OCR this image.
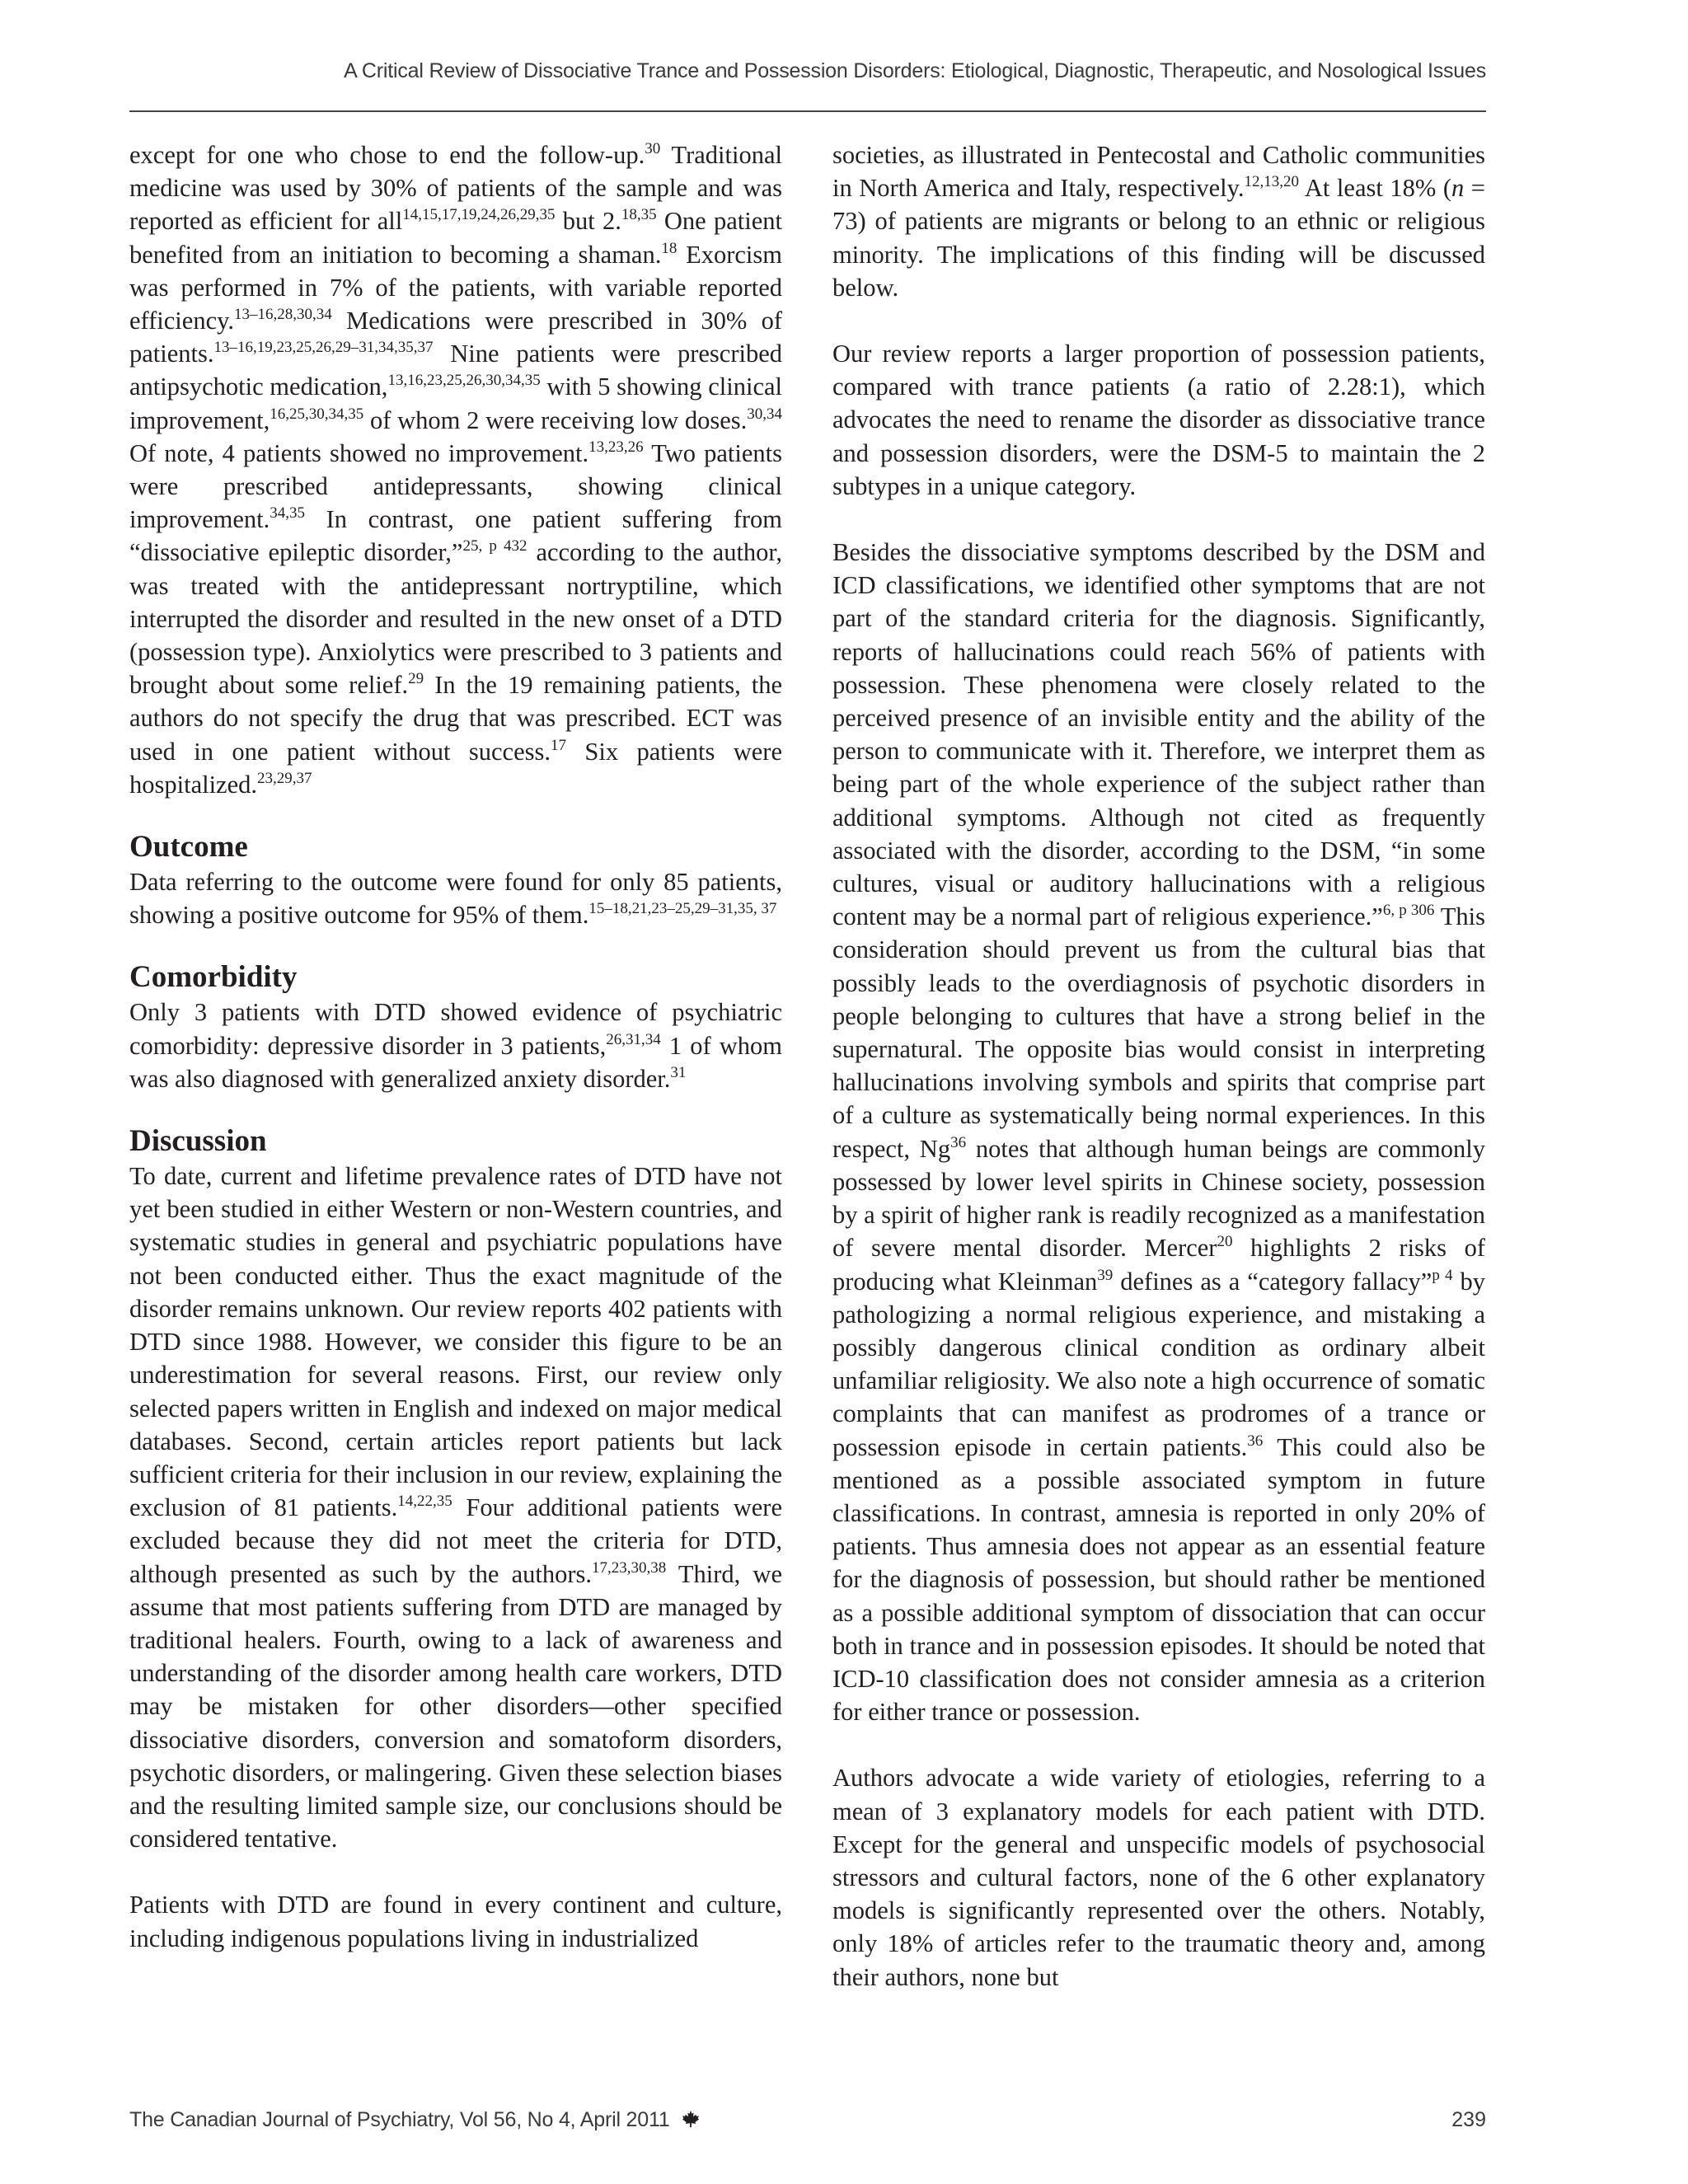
A Critical Review of Dissociative Trance and Possession Disorders: Etiological, Diagnostic, Therapeutic, and Nosological Issues

except for one who chose to end the follow-up.$^{30}$ Traditional medicine was used by 30% of patients of the sample and was reported as efficient for all$^{14,15,17,19,24,26,29,35}$ but 2.$^{18,35}$ One patient benefited from an initiation to becoming a shaman.$^{18}$ Exorcism was performed in 7% of the patients, with variable reported efficiency.$^{13-16,28,30,34}$ Medications were prescribed in 30% of patients.$^{13-16,19,23,25,26,29-31,34,35,37}$ Nine patients were prescribed antipsychotic medication,$^{13,16,23,25,26,30,34,35}$ with 5 showing clinical improvement,$^{16,25,30,34,35}$ of whom 2 were receiving low doses.$^{30,34}$ Of note, 4 patients showed no improvement.$^{13,23,26}$ Two patients were prescribed antidepressants, showing clinical improvement.$^{34,35}$ In contrast, one patient suffering from “dissociative epileptic disorder,”$^{25, p 432}$ according to the author, was treated with the antidepressant nortryptiline, which interrupted the disorder and resulted in the new onset of a DTD (possession type). Anxiolytics were prescribed to 3 patients and brought about some relief.$^{29}$ In the 19 remaining patients, the authors do not specify the drug that was prescribed. ECT was used in one patient without success.$^{17}$ Six patients were hospitalized.$^{23,29,37}$

Outcome

Data referring to the outcome were found for only 85 patients, showing a positive outcome for 95% of them.$^{15-18,21,23-25,29-31,35, 37}$

Comorbidity

Only 3 patients with DTD showed evidence of psychiatric comorbidity: depressive disorder in 3 patients,$^{26,31,34}$ 1 of whom was also diagnosed with generalized anxiety disorder.$^{31}$

Discussion

To date, current and lifetime prevalence rates of DTD have not yet been studied in either Western or non-Western countries, and systematic studies in general and psychiatric populations have not been conducted either. Thus the exact magnitude of the disorder remains unknown. Our review reports 402 patients with DTD since 1988. However, we consider this figure to be an underestimation for several reasons. First, our review only selected papers written in English and indexed on major medical databases. Second, certain articles report patients but lack sufficient criteria for their inclusion in our review, explaining the exclusion of 81 patients.$^{14,22,35}$ Four additional patients were excluded because they did not meet the criteria for DTD, although presented as such by the authors.$^{17,23,30,38}$ Third, we assume that most patients suffering from DTD are managed by traditional healers. Fourth, owing to a lack of awareness and understanding of the disorder among health care workers, DTD may be mistaken for other disorders—other specified dissociative disorders, conversion and somatoform disorders, psychotic disorders, or malingering. Given these selection biases and the resulting limited sample size, our conclusions should be considered tentative.

Patients with DTD are found in every continent and culture, including indigenous populations living in industrialized

societies, as illustrated in Pentecostal and Catholic communities in North America and Italy, respectively.$^{12,13,20}$ At least 18% (n = 73) of patients are migrants or belong to an ethnic or religious minority. The implications of this finding will be discussed below.

Our review reports a larger proportion of possession patients, compared with trance patients (a ratio of 2.28:1), which advocates the need to rename the disorder as dissociative trance and possession disorders, were the DSM-5 to maintain the 2 subtypes in a unique category.

Besides the dissociative symptoms described by the DSM and ICD classifications, we identified other symptoms that are not part of the standard criteria for the diagnosis. Significantly, reports of hallucinations could reach 56% of patients with possession. These phenomena were closely related to the perceived presence of an invisible entity and the ability of the person to communicate with it. Therefore, we interpret them as being part of the whole experience of the subject rather than additional symptoms. Although not cited as frequently associated with the disorder, according to the DSM, “in some cultures, visual or auditory hallucinations with a religious content may be a normal part of religious experience.”$^{6, p 306}$ This consideration should prevent us from the cultural bias that possibly leads to the overdiagnosis of psychotic disorders in people belonging to cultures that have a strong belief in the supernatural. The opposite bias would consist in interpreting hallucinations involving symbols and spirits that comprise part of a culture as systematically being normal experiences. In this respect, Ng$^{36}$ notes that although human beings are commonly possessed by lower level spirits in Chinese society, possession by a spirit of higher rank is readily recognized as a manifestation of severe mental disorder. Mercer$^{20}$ highlights 2 risks of producing what Kleinman$^{39}$ defines as a “category fallacy”$^{p 4}$ by pathologizing a normal religious experience, and mistaking a possibly dangerous clinical condition as ordinary albeit unfamiliar religiosity. We also note a high occurrence of somatic complaints that can manifest as prodromes of a trance or possession episode in certain patients.$^{36}$ This could also be mentioned as a possible associated symptom in future classifications. In contrast, amnesia is reported in only 20% of patients. Thus amnesia does not appear as an essential feature for the diagnosis of possession, but should rather be mentioned as a possible additional symptom of dissociation that can occur both in trance and in possession episodes. It should be noted that ICD-10 classification does not consider amnesia as a criterion for either trance or possession.

Authors advocate a wide variety of etiologies, referring to a mean of 3 explanatory models for each patient with DTD. Except for the general and unspecific models of psychosocial stressors and cultural factors, none of the 6 other explanatory models is significantly represented over the others. Notably, only 18% of articles refer to the traumatic theory and, among their authors, none but

The Canadian Journal of Psychiatry, Vol 56, No 4, April 2011	239
